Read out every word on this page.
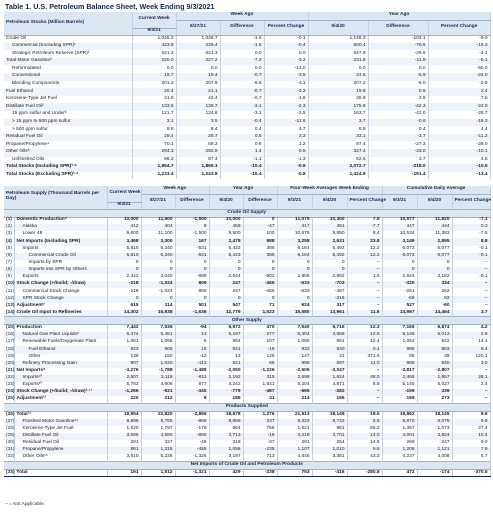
Table 1. U.S. Petroleum Balance Sheet, Week Ending 9/3/2021
Petroleum Stocks (Million Barrels)	Current Week	Week Ago			Year Ago		
		8/27/21	Difference	Percent Change	9/4/20	Difference	Percent Change
	9/3/21						
Crude Oil	1,045.2	1,046.7	-1.5	-0.1	1,148.3	-103.1	-9.0
Commercial (Excluding SPR)¹	423.9	425.4	-1.5	-0.4	500.4	-76.6	-15.3
Strategic Petroleum Reserve (SPR)²	621.3	621.3	0.0	0.0	647.9	-26.6	-4.1
Total Motor Gasoline³	220.0	227.2	-7.2	-3.2	231.9	-11.9	-5.1
Reformulated	0.0	0.0	0.0	-12.0	0.0	0.0	-50.0
Conventional	18.7	19.4	-0.7	-3.5	24.6	-5.9	-24.0
Blending Components	201.3	207.8	-6.5	-3.1	207.2	-6.0	-2.9
Fuel Ethanol	20.4	21.1	-0.7	-3.2	19.9	0.5	2.4
Kerosene-Type Jet Fuel	41.8	42.4	-0.7	-1.6	38.8	2.9	7.5
Distillate Fuel Oil³	133.6	136.7	-3.1	-2.3	175.8	-42.3	-24.0
15 ppm sulfur and Under³	121.7	124.8	-3.1	-2.5	163.7	-42.0	-25.7
> 15 ppm to 500 ppm sulfur	3.1	3.5	-0.4	-11.6	3.7	-0.6	-16.3
> 500 ppm sulfur	8.8	8.4	0.4	4.7	8.5	0.4	4.4
Residual Fuel Oil	29.4	28.7	0.6	2.3	33.1	-3.7	-11.2
Propane/Propylene⁴	70.1	69.3	0.8	1.2	97.4	-27.3	-28.0
Other Oils⁵	294.3	292.9	1.4	0.5	327.4	-33.0	-10.1
Unfinished Oils	86.3	87.4	-1.1	-1.3	82.6	3.7	4.5
Total Stocks (Including SPR)³·⁴	1,854.7	1,865.1	-10.4	-0.6	2,072.7	-218.0	-10.5
Total Stocks (Excluding SPR)³·⁴	1,233.4	1,243.8	-10.4	-0.8	1,424.9	-191.4	-13.4
Petroleum Supply (Thousand Barrels per Day)		Current Week	Week Ago		Year Ago		Four-Week Averages Week Ending			Cumulative Daily Average		
			8/27/21	Difference	9/4/20	Difference	9/3/21	9/4/20	Percent Change	9/3/21	9/4/20	Percent Change
		9/3/21										
Crude Oil Supply												
(1)	Domestic Production⁶	10,000	11,500	-1,500	10,000	0	11,075	10,300	7.5	10,977	11,820	-7.1
(2)	Alaska	412	404	8	459	-47	417	451	-7.7	447	444	0.3
(3)	Lower 48	9,600	11,100	-1,500	9,500	100	10,675	9,850	8.4	10,534	11,383	-7.5
(4)	Net Imports (Including SPR)	3,468	3,300	167	2,479	988	3,258	2,631	23.8	3,149	2,895	8.8
(5)	Imports	5,810	6,340	-531	5,423	386	6,164	5,492	12.2	6,073	6,077	-0.1
(6)	Commercial Crude Oil	5,810	6,340	-531	5,423	386	6,164	5,492	12.2	6,073	6,077	-0.1
(7)	Imports by SPR	0	0	0	0	0	0	0	–	0	0	–
(8)	Imports into SPR by Others	0	0	0	0	0	0	0	–	0	0	–
(9)	Exports	2,342	3,040	-698	2,944	-602	2,906	2,862	1.5	2,924	3,182	-8.1
(10)	Stock Change (+/build; -/draw)	-218	-1,024	806	247	-465	-533	-703	–	-320	334	–
(11)	Commercial Stock Change	-218	-1,024	806	247	-465	-533	-487	–	-251	252	–
(12)	SPR Stock Change	0	0	0	0	0	0	-216	–	-69	82	–
(13)	Adjustment⁷	615	114	501	547	71	624	317	–	527	-60	–
(14)	Crude Oil Input to Refineries	14,302	15,938	-1,636	12,779	1,523	15,580	13,961	11.6	14,997	14,464	3.7
Other Supply												
(15)	Production	7,442	7,536	-94	6,972	470	7,540	6,716	12.3	7,165	6,874	4.2
(16)	Natural Gas Plant Liquids⁸	5,474	5,461	13	5,197	277	5,464	4,858	12.5	5,145	5,013	2.6
(17)	Renewable Fuels/Oxygenate Plant	1,061	1,055	6	954	107	1,080	961	12.4	1,052	922	14.1
(18)	Fuel Ethanol	923	905	18	941	-18	933	930	0.4	966	863	9.4
(19)	Other	138	150	-12	13	125	147	31	371.6	86	39	120.1
(20)	Refinery Processing Gain	907	1,020	-113	821	86	996	897	11.0	968	940	3.0
(21)	Net Imports⁹	-3,276	-1,788	-1,488	-2,050	-1,226	-2,505	-3,047	–	-2,817	-2,807	–
(22)	Imports¹⁰	2,507	3,118	-611	2,192	315	2,698	1,824	48.0	2,468	1,957	26.1
(23)	Exports¹⁰	5,783	4,906	877	4,242	1,541	5,204	4,871	6.8	5,145	5,027	2.4
(24)	Stock Change (+/build; -/draw)³·¹¹	-1,266	-921	-345	-779	-487	-665	-282	–	-199	339	–
(25)	Adjustment¹²	220	212	8	189	31	214	196	–	199	273	–
Products Supplied												
(26)	Total¹³	19,954	22,820	-2,866	18,678	1,276	21,513	18,149	18.5	19,862	18,145	9.6
(27)	Finished Motor Gasoline¹⁴	8,896	9,755	-859	8,659	237	9,323	8,742	6.6	8,870	8,075	9.9
(28)	Kerosene-Type Jet Fuel	1,620	1,797	-176	864	756	1,621	981	65.3	1,367	1,073	27.4
(29)	Distillate Fuel Oil	3,695	4,590	-895	3,713	-18	4,219	3,701	14.0	4,001	3,824	10.4
(30)	Residual Fuel Oil	281	327	-46	318	-37	291	254	14.8	269	247	9.0
(31)	Propane/Propylene	861	1,316	-455	1,096	-235	1,107	1,010	9.6	1,209	1,121	7.9
(32)	Other Oils¹⁵	3,910	5,236	-1,326	3,197	713	4,845	3,381	43.3	4,237	4,008	5.7
Net Imports of Crude Oil and Petroleum Products												
(33)	Total	191	1,512	-1,321	429	-238	753	-416	-280.8	472	-174	-370.5
– = Not Applicable.
